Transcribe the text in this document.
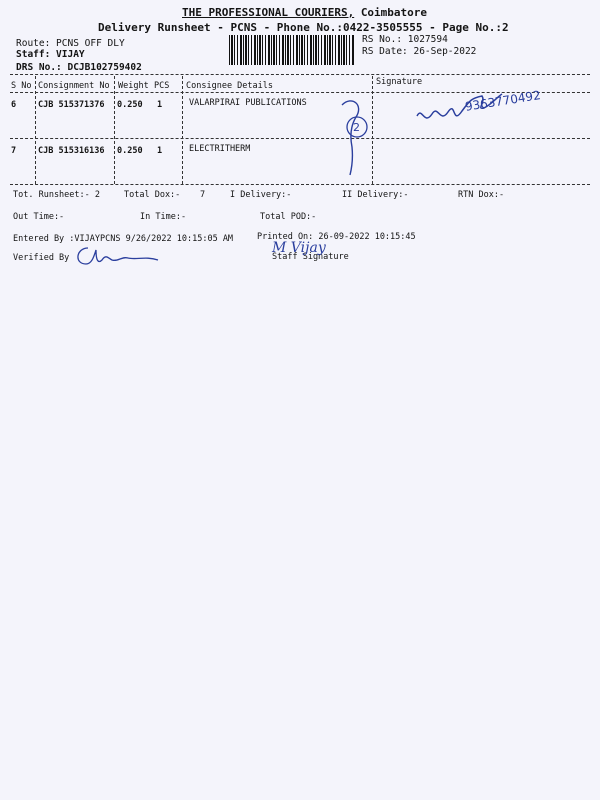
THE PROFESSIONAL COURIERS, Coimbatore
Delivery Runsheet - PCNS - Phone No.:0422-3505555 - Page No.:2
Route: PCNS OFF DLY
Staff: VIJAY
DRS No.: DCJB102759402
RS No.: 1027594
RS Date: 26-Sep-2022
S No Consignment No Weight PCS Consignee Details	Signature
6	CJB 515371376 0.250 1	VALARPIRAI PUBLICATIONS
7	CJB 515316136 0.250 1	ELECTRITHERM
2
9363770492
Tot. Runsheet:- 2	Total Dox:- 7	I Delivery:-	II Delivery:-	RTN Dox:-
Out Time:-	In Time:-	Total POD:-
Entered By :VIJAYPCNS 9/26/2022 10:15:05 AM	Printed On: 26-09-2022 10:15:45
Verified By	Staff Signature
M Vijay
